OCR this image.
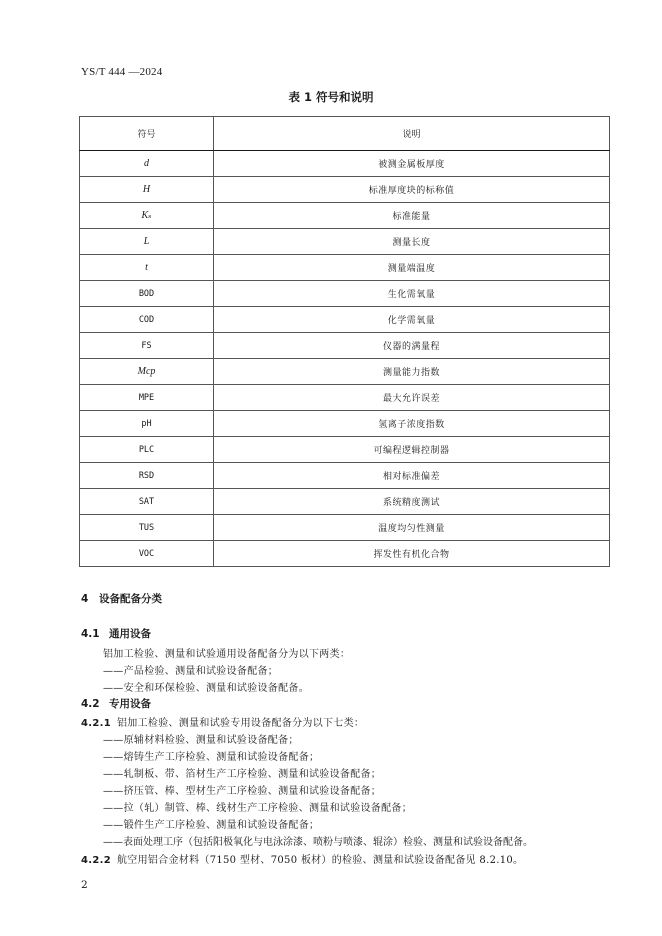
YS/T 444 —2024
表 1 符号和说明
符号	说明
d	被测金属板厚度
H	标准厚度块的标称值
Kₛ	标准能量
L	测量长度
t	测量端温度
BOD	生化需氧量
COD	化学需氧量
FS	仪器的满量程
Mcp	测量能力指数
MPE	最大允许误差
pH	氢离子浓度指数
PLC	可编程逻辑控制器
RSD	相对标准偏差
SAT	系统精度测试
TUS	温度均匀性测量
VOC	挥发性有机化合物
4 设备配备分类
4.1 通用设备
铝加工检验、测量和试验通用设备配备分为以下两类：
——产品检验、测量和试验设备配备；
——安全和环保检验、测量和试验设备配备。
4.2 专用设备
4.2.1 铝加工检验、测量和试验专用设备配备分为以下七类：
——原辅材料检验、测量和试验设备配备；
——熔铸生产工序检验、测量和试验设备配备；
——轧制板、带、箔材生产工序检验、测量和试验设备配备；
——挤压管、棒、型材生产工序检验、测量和试验设备配备；
——拉（轧）制管、棒、线材生产工序检验、测量和试验设备配备；
——锻件生产工序检验、测量和试验设备配备；
——表面处理工序（包括阳极氧化与电泳涂漆、喷粉与喷漆、辊涂）检验、测量和试验设备配备。
4.2.2 航空用铝合金材料（7150 型材、7050 板材）的检验、测量和试验设备配备见 8.2.10。
2
